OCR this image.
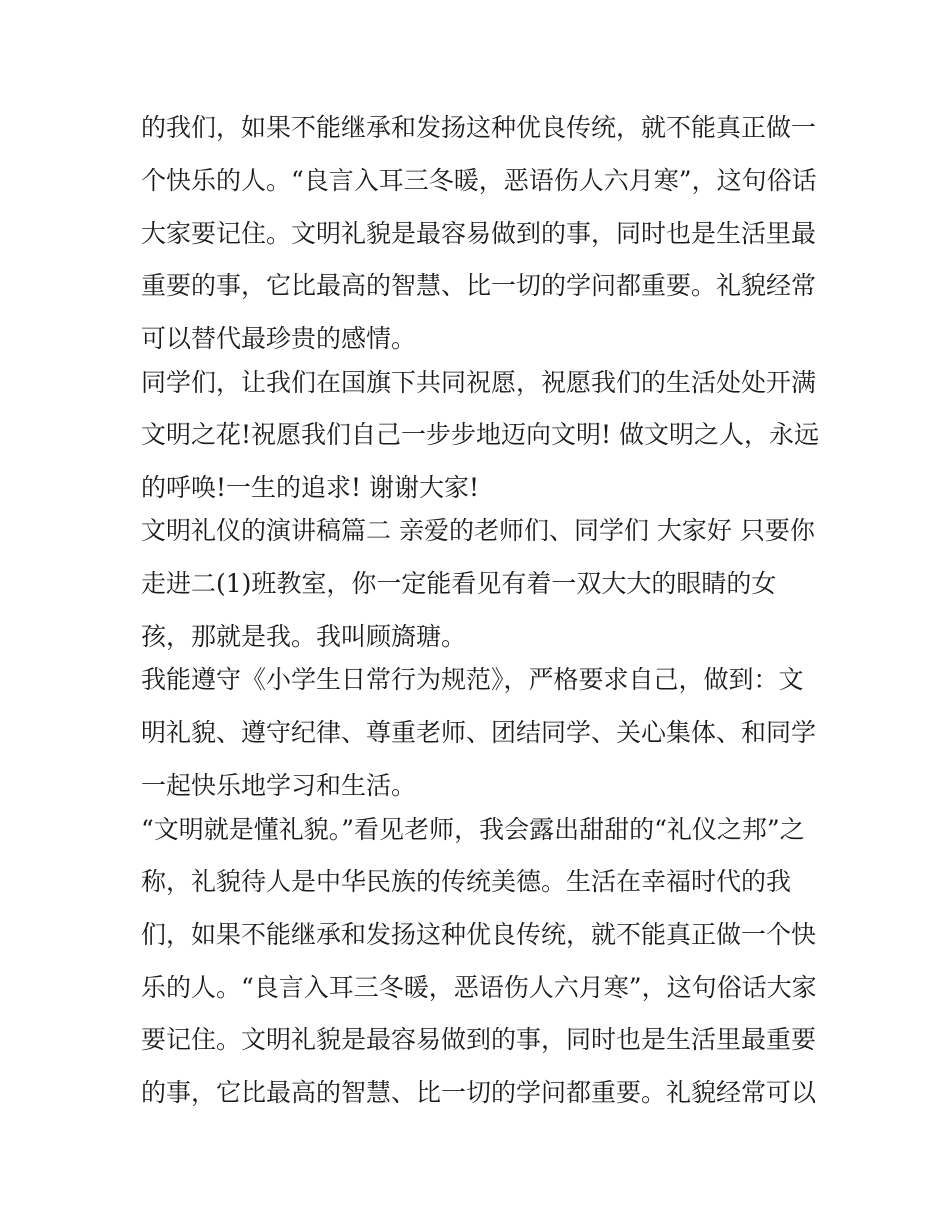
的我们，如果不能继承和发扬这种优良传统，就不能真正做一
个快乐的人。“良言入耳三冬暖，恶语伤人六月寒”，这句俗话
大家要记住。文明礼貌是最容易做到的事，同时也是生活里最
重要的事，它比最高的智慧、比一切的学问都重要。礼貌经常
可以替代最珍贵的感情。
同学们，让我们在国旗下共同祝愿，祝愿我们的生活处处开满
文明之花!祝愿我们自己一步步地迈向文明! 做文明之人，永远
的呼唤!一生的追求! 谢谢大家!
文明礼仪的演讲稿篇二 亲爱的老师们、同学们 大家好 只要你
走进二(1)班教室，你一定能看见有着一双大大的眼睛的女
孩，那就是我。我叫顾旖瑭。
我能遵守《小学生日常行为规范》，严格要求自己，做到：文
明礼貌、遵守纪律、尊重老师、团结同学、关心集体、和同学
一起快乐地学习和生活。
“文明就是懂礼貌。”看见老师，我会露出甜甜的“礼仪之邦”之
称，礼貌待人是中华民族的传统美德。生活在幸福时代的我
们，如果不能继承和发扬这种优良传统，就不能真正做一个快
乐的人。“良言入耳三冬暖，恶语伤人六月寒”，这句俗话大家
要记住。文明礼貌是最容易做到的事，同时也是生活里最重要
的事，它比最高的智慧、比一切的学问都重要。礼貌经常可以
